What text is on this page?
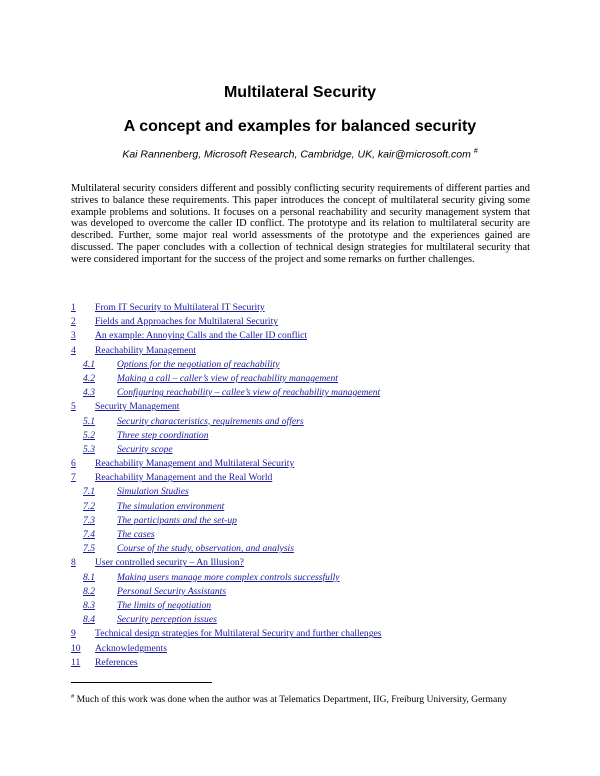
Multilateral Security
A concept and examples for balanced security
Kai Rannenberg, Microsoft Research, Cambridge, UK, kair@microsoft.com #

Multilateral security considers different and possibly conflicting security requirements of different parties and strives to balance these requirements. This paper introduces the concept of multilateral security giving some example problems and solutions. It focuses on a personal reachability and security management system that was developed to overcome the caller ID conflict. The prototype and its relation to multilateral security are described. Further, some major real world assessments of the prototype and the experiences gained are discussed. The paper concludes with a collection of technical design strategies for multilateral security that were considered important for the success of the project and some remarks on further challenges.

1 From IT Security to Multilateral IT Security
2 Fields and Approaches for Multilateral Security
3 An example: Annoying Calls and the Caller ID conflict
4 Reachability Management
4.1 Options for the negotiation of reachability
4.2 Making a call – caller’s view of reachability management
4.3 Configuring reachability – callee’s view of reachability management
5 Security Management
5.1 Security characteristics, requirements and offers
5.2 Three step coordination
5.3 Security scope
6 Reachability Management and Multilateral Security
7 Reachability Management and the Real World
7.1 Simulation Studies
7.2 The simulation environment
7.3 The participants and the set-up
7.4 The cases
7.5 Course of the study, observation, and analysis
8 User controlled security – An Illusion?
8.1 Making users manage more complex controls successfully
8.2 Personal Security Assistants
8.3 The limits of negotiation
8.4 Security perception issues
9 Technical design strategies for Multilateral Security and further challenges
10 Acknowledgments
11 References
# Much of this work was done when the author was at Telematics Department, IIG, Freiburg University, Germany
